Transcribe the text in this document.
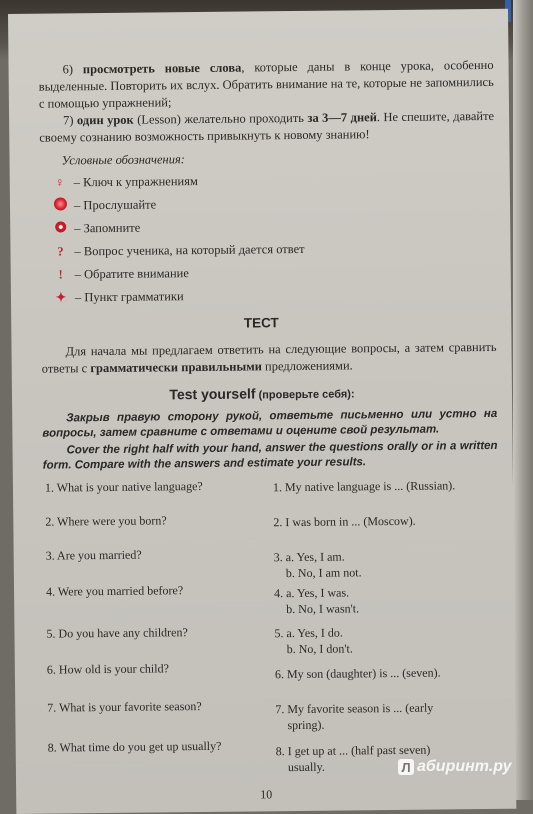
6) просмотреть новые слова, которые даны в конце урока, особенно выделенные. Повторить их вслух. Обратить внимание на те, которые не запомнились с помощью упражнений;

7) один урок (Lesson) желательно проходить за 3—7 дней. Не спешите, давайте своему сознанию возможность привыкнуть к новому знанию!

Условные обозначения:
♀ – Ключ к упражнениям
– Прослушайте
– Запомните
? – Вопрос ученика, на который дается ответ
! – Обратите внимание
✦ – Пункт грамматики
ТЕСТ
Для начала мы предлагаем ответить на следующие вопросы, а затем сравнить ответы с грамматически правильными предложениями.
Test yourself (проверьте себя):
Закрыв правую сторону рукой, ответьте письменно или устно на вопросы, затем сравните с ответами и оцените свой результат.
Cover the right half with your hand, answer the questions orally or in a written form. Compare with the answers and estimate your results.
1. What is your native language?	1. My native language is ... (Russian).
2. Where were you born?	2. I was born in ... (Moscow).
3. Are you married?	3. a. Yes, I am.
b. No, I am not.
4. Were you married before?	4. a. Yes, I was.
b. No, I wasn't.
5. Do you have any children?	5. a. Yes, I do.
b. No, I don't.
6. How old is your child?	6. My son (daughter) is ... (seven).
7. What is your favorite season?	7. My favorite season is ... (early
spring).
8. What time do you get up usually?	8. I get up at ... (half past seven)
usually.
10
Л абиринт.ру
